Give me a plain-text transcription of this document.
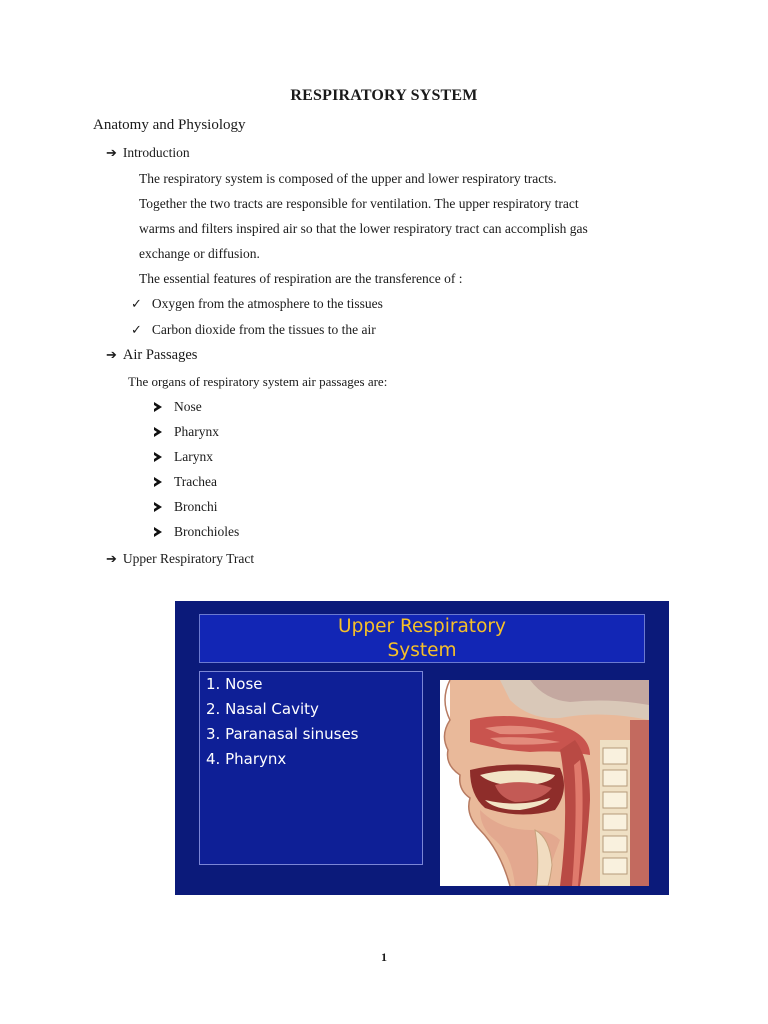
RESPIRATORY SYSTEM
Anatomy and Physiology
➔ Introduction
The respiratory system is composed of the upper and lower respiratory tracts.
Together the two tracts are responsible for ventilation. The upper respiratory tract
warms and filters inspired air so that the lower respiratory tract can accomplish gas
exchange or diffusion.
The essential features of respiration are the transference of :
✓ Oxygen from the atmosphere to the tissues
✓ Carbon dioxide from the tissues to the air
➔ Air Passages
The organs of respiratory system air passages are:
Nose
Pharynx
Larynx
Trachea
Bronchi
Bronchioles
➔ Upper Respiratory Tract
Upper Respiratory
System
1. Nose
2. Nasal Cavity
3. Paranasal sinuses
4. Pharynx
1
